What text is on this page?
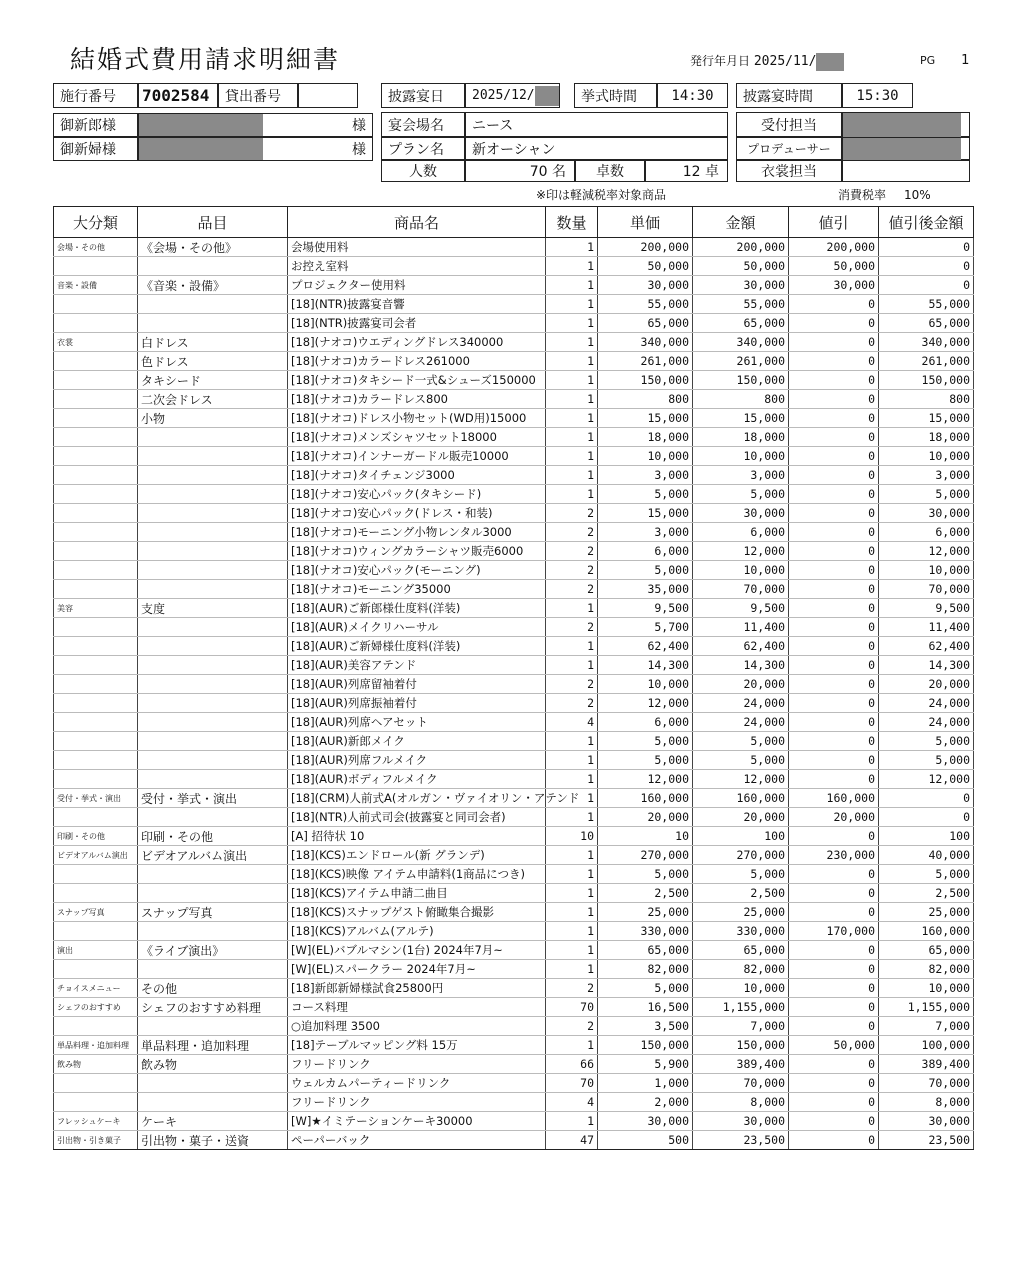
結婚式費用請求明細書	発行年月日 2025/11/	PG 1
施行番号 7002584	貸出番号	披露宴日	2025/12/	挙式時間 14:30	披露宴時間	15:30
御新郎様	様
御新婦様	様
宴会場名	ニース
プラン名	新オーシャン
人数	70 名	卓数	12 卓
受付担当
プロデューサー
衣裳担当
※印は軽減税率対象商品	消費税率 10%
大分類	品目	商品名	数量	単価	金額	値引	値引後金額
会場・その他	《会場・その他》	会場使用料	1	200,000	200,000	200,000	0
		お控え室料	1	50,000	50,000	50,000	0
音楽・設備	《音楽・設備》	プロジェクター使用料	1	30,000	30,000	30,000	0
		[18](NTR)披露宴音響	1	55,000	55,000	0	55,000
		[18](NTR)披露宴司会者	1	65,000	65,000	0	65,000
衣裳	白ドレス	[18](ナオコ)ウエディングドレス340000	1	340,000	340,000	0	340,000
	色ドレス	[18](ナオコ)カラードレス261000	1	261,000	261,000	0	261,000
	タキシード	[18](ナオコ)タキシード一式&シューズ150000	1	150,000	150,000	0	150,000
	二次会ドレス	[18](ナオコ)カラードレス800	1	800	800	0	800
	小物	[18](ナオコ)ドレス小物セット(WD用)15000	1	15,000	15,000	0	15,000
		[18](ナオコ)メンズシャツセット18000	1	18,000	18,000	0	18,000
		[18](ナオコ)インナーガードル販売10000	1	10,000	10,000	0	10,000
		[18](ナオコ)タイチェンジ3000	1	3,000	3,000	0	3,000
		[18](ナオコ)安心パック(タキシード)	1	5,000	5,000	0	5,000
		[18](ナオコ)安心パック(ドレス・和装)	2	15,000	30,000	0	30,000
		[18](ナオコ)モーニング小物レンタル3000	2	3,000	6,000	0	6,000
		[18](ナオコ)ウィングカラーシャツ販売6000	2	6,000	12,000	0	12,000
		[18](ナオコ)安心パック(モーニング)	2	5,000	10,000	0	10,000
		[18](ナオコ)モーニング35000	2	35,000	70,000	0	70,000
美容	支度	[18](AUR)ご新郎様仕度料(洋装)	1	9,500	9,500	0	9,500
		[18](AUR)メイクリハーサル	2	5,700	11,400	0	11,400
		[18](AUR)ご新婦様仕度料(洋装)	1	62,400	62,400	0	62,400
		[18](AUR)美容アテンド	1	14,300	14,300	0	14,300
		[18](AUR)列席留袖着付	2	10,000	20,000	0	20,000
		[18](AUR)列席振袖着付	2	12,000	24,000	0	24,000
		[18](AUR)列席ヘアセット	4	6,000	24,000	0	24,000
		[18](AUR)新郎メイク	1	5,000	5,000	0	5,000
		[18](AUR)列席フルメイク	1	5,000	5,000	0	5,000
		[18](AUR)ボディフルメイク	1	12,000	12,000	0	12,000
受付・挙式・演出	受付・挙式・演出	[18](CRM)人前式A(オルガン・ヴァイオリン・アテンド	1	160,000	160,000	160,000	0
		[18](NTR)人前式司会(披露宴と同司会者)	1	20,000	20,000	20,000	0
印刷・その他	印刷・その他	[A] 招待状 10	10	10	100	0	100
ビデオアルバム演出	ビデオアルバム演出	[18](KCS)エンドロール(新 グランデ)	1	270,000	270,000	230,000	40,000
		[18](KCS)映像 アイテム申請料(1商品につき)	1	5,000	5,000	0	5,000
		[18](KCS)アイテム申請二曲目	1	2,500	2,500	0	2,500
スナップ写真	スナップ写真	[18](KCS)スナップゲスト俯瞰集合撮影	1	25,000	25,000	0	25,000
		[18](KCS)アルバム(アルテ)	1	330,000	330,000	170,000	160,000
演出	《ライブ演出》	[W](EL)バブルマシン(1台) 2024年7月~	1	65,000	65,000	0	65,000
		[W](EL)スパークラー 2024年7月~	1	82,000	82,000	0	82,000
チョイスメニュー	その他	[18]新郎新婦様試食25800円	2	5,000	10,000	0	10,000
シェフのおすすめ	シェフのおすすめ料理	コース料理	70	16,500	1,155,000	0	1,155,000
		○追加料理 3500	2	3,500	7,000	0	7,000
単品料理・追加料理	単品料理・追加料理	[18]テーブルマッピング料 15万	1	150,000	150,000	50,000	100,000
飲み物	飲み物	フリードリンク	66	5,900	389,400	0	389,400
		ウェルカムパーティードリンク	70	1,000	70,000	0	70,000
		フリードリンク	4	2,000	8,000	0	8,000
フレッシュケーキ	ケーキ	[W]★イミテーションケーキ30000	1	30,000	30,000	0	30,000
引出物・引き菓子	引出物・菓子・送資	ペーパーバック	47	500	23,500	0	23,500
